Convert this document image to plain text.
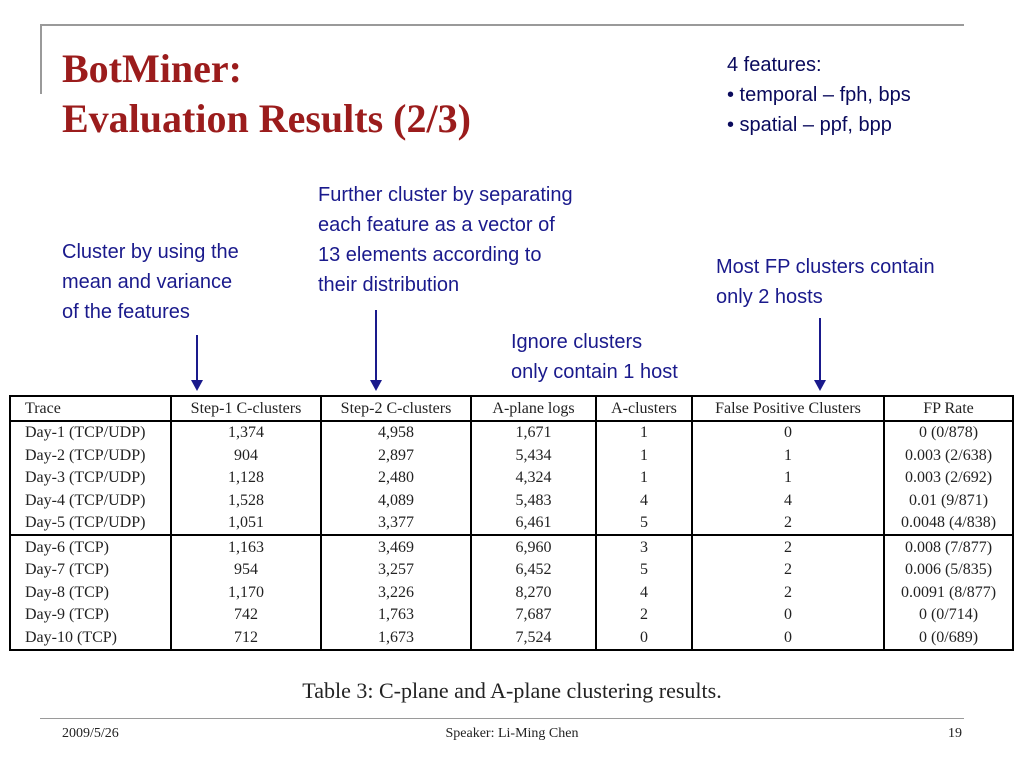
BotMiner:
Evaluation Results (2/3)
4 features:
• temporal – fph, bps
• spatial – ppf, bpp
Cluster by using the
mean and variance
of the features
Further cluster by separating
each feature as a vector of
13 elements according to
their distribution
Ignore clusters
only contain 1 host
Most FP clusters contain
only 2 hosts
Trace	Step-1 C-clusters	Step-2 C-clusters	A-plane logs	A-clusters	False Positive Clusters	FP Rate
Day-1 (TCP/UDP)	1,374	4,958	1,671	1	0	0 (0/878)
Day-2 (TCP/UDP)	904	2,897	5,434	1	1	0.003 (2/638)
Day-3 (TCP/UDP)	1,128	2,480	4,324	1	1	0.003 (2/692)
Day-4 (TCP/UDP)	1,528	4,089	5,483	4	4	0.01 (9/871)
Day-5 (TCP/UDP)	1,051	3,377	6,461	5	2	0.0048 (4/838)
Day-6 (TCP)	1,163	3,469	6,960	3	2	0.008 (7/877)
Day-7 (TCP)	954	3,257	6,452	5	2	0.006 (5/835)
Day-8 (TCP)	1,170	3,226	8,270	4	2	0.0091 (8/877)
Day-9 (TCP)	742	1,763	7,687	2	0	0 (0/714)
Day-10 (TCP)	712	1,673	7,524	0	0	0 (0/689)
Table 3: C-plane and A-plane clustering results.
2009/5/26	Speaker: Li-Ming Chen	19
